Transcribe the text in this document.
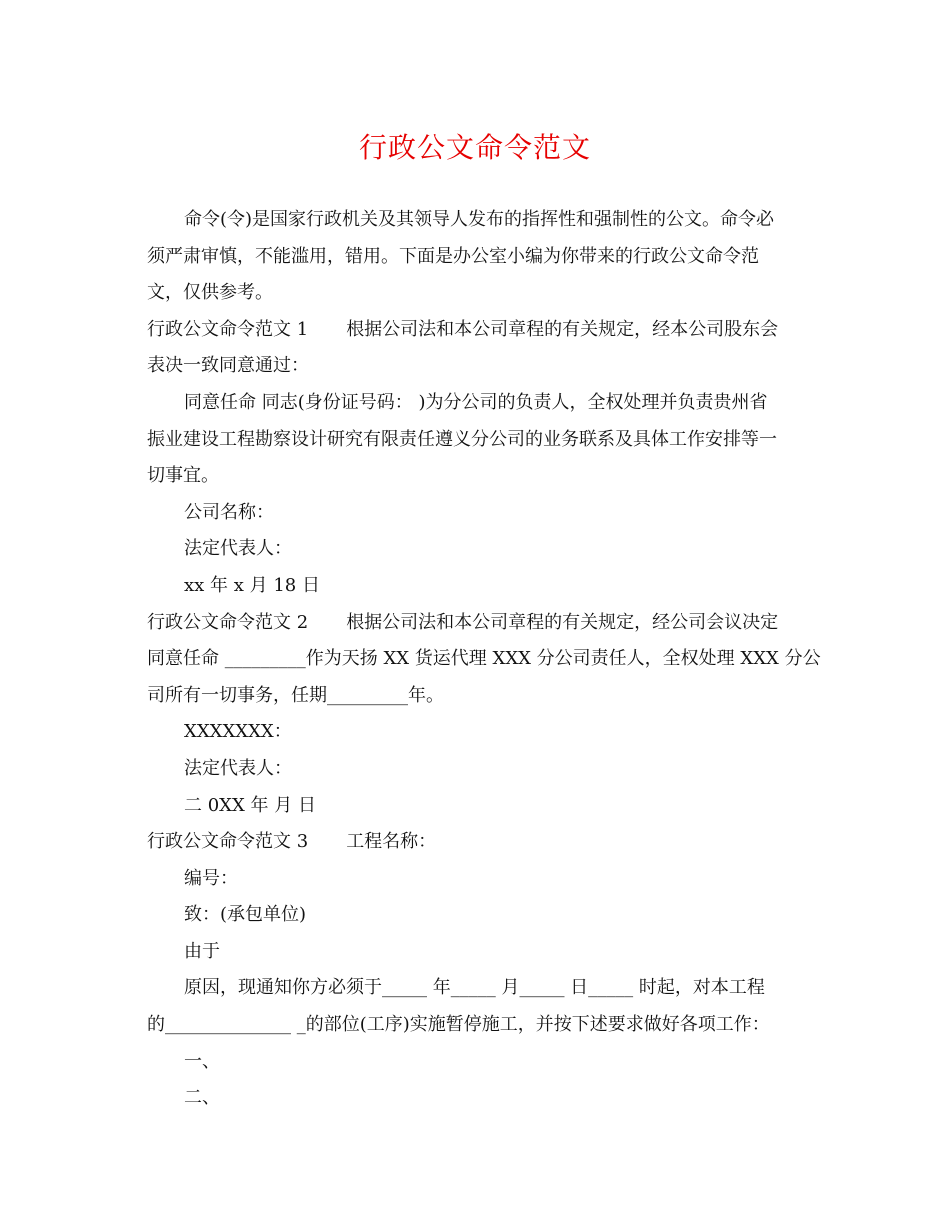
行政公文命令范文
命令(令)是国家行政机关及其领导人发布的指挥性和强制性的公文。命令必
须严肃审慎，不能滥用，错用。下面是办公室小编为你带来的行政公文命令范
文，仅供参考。
行政公文命令范文 1 根据公司法和本公司章程的有关规定，经本公司股东会
表决一致同意通过：
同意任命 同志(身份证号码： )为分公司的负责人，全权处理并负责贵州省
振业建设工程勘察设计研究有限责任遵义分公司的业务联系及具体工作安排等一
切事宜。
公司名称：
法定代表人：
xx 年 x 月 18 日
行政公文命令范文 2 根据公司法和本公司章程的有关规定，经公司会议决定
同意任命 _________作为天扬 XX 货运代理 XXX 分公司责任人，全权处理 XXX 分公
司所有一切事务，任期_________年。
XXXXXXX：
法定代表人：
二 0XX 年 月 日
行政公文命令范文 3 工程名称：
编号：
致：(承包单位)
由于
原因，现通知你方必须于_____ 年_____ 月_____ 日_____ 时起，对本工程
的______________ _的部位(工序)实施暂停施工，并按下述要求做好各项工作：
一、
二、
